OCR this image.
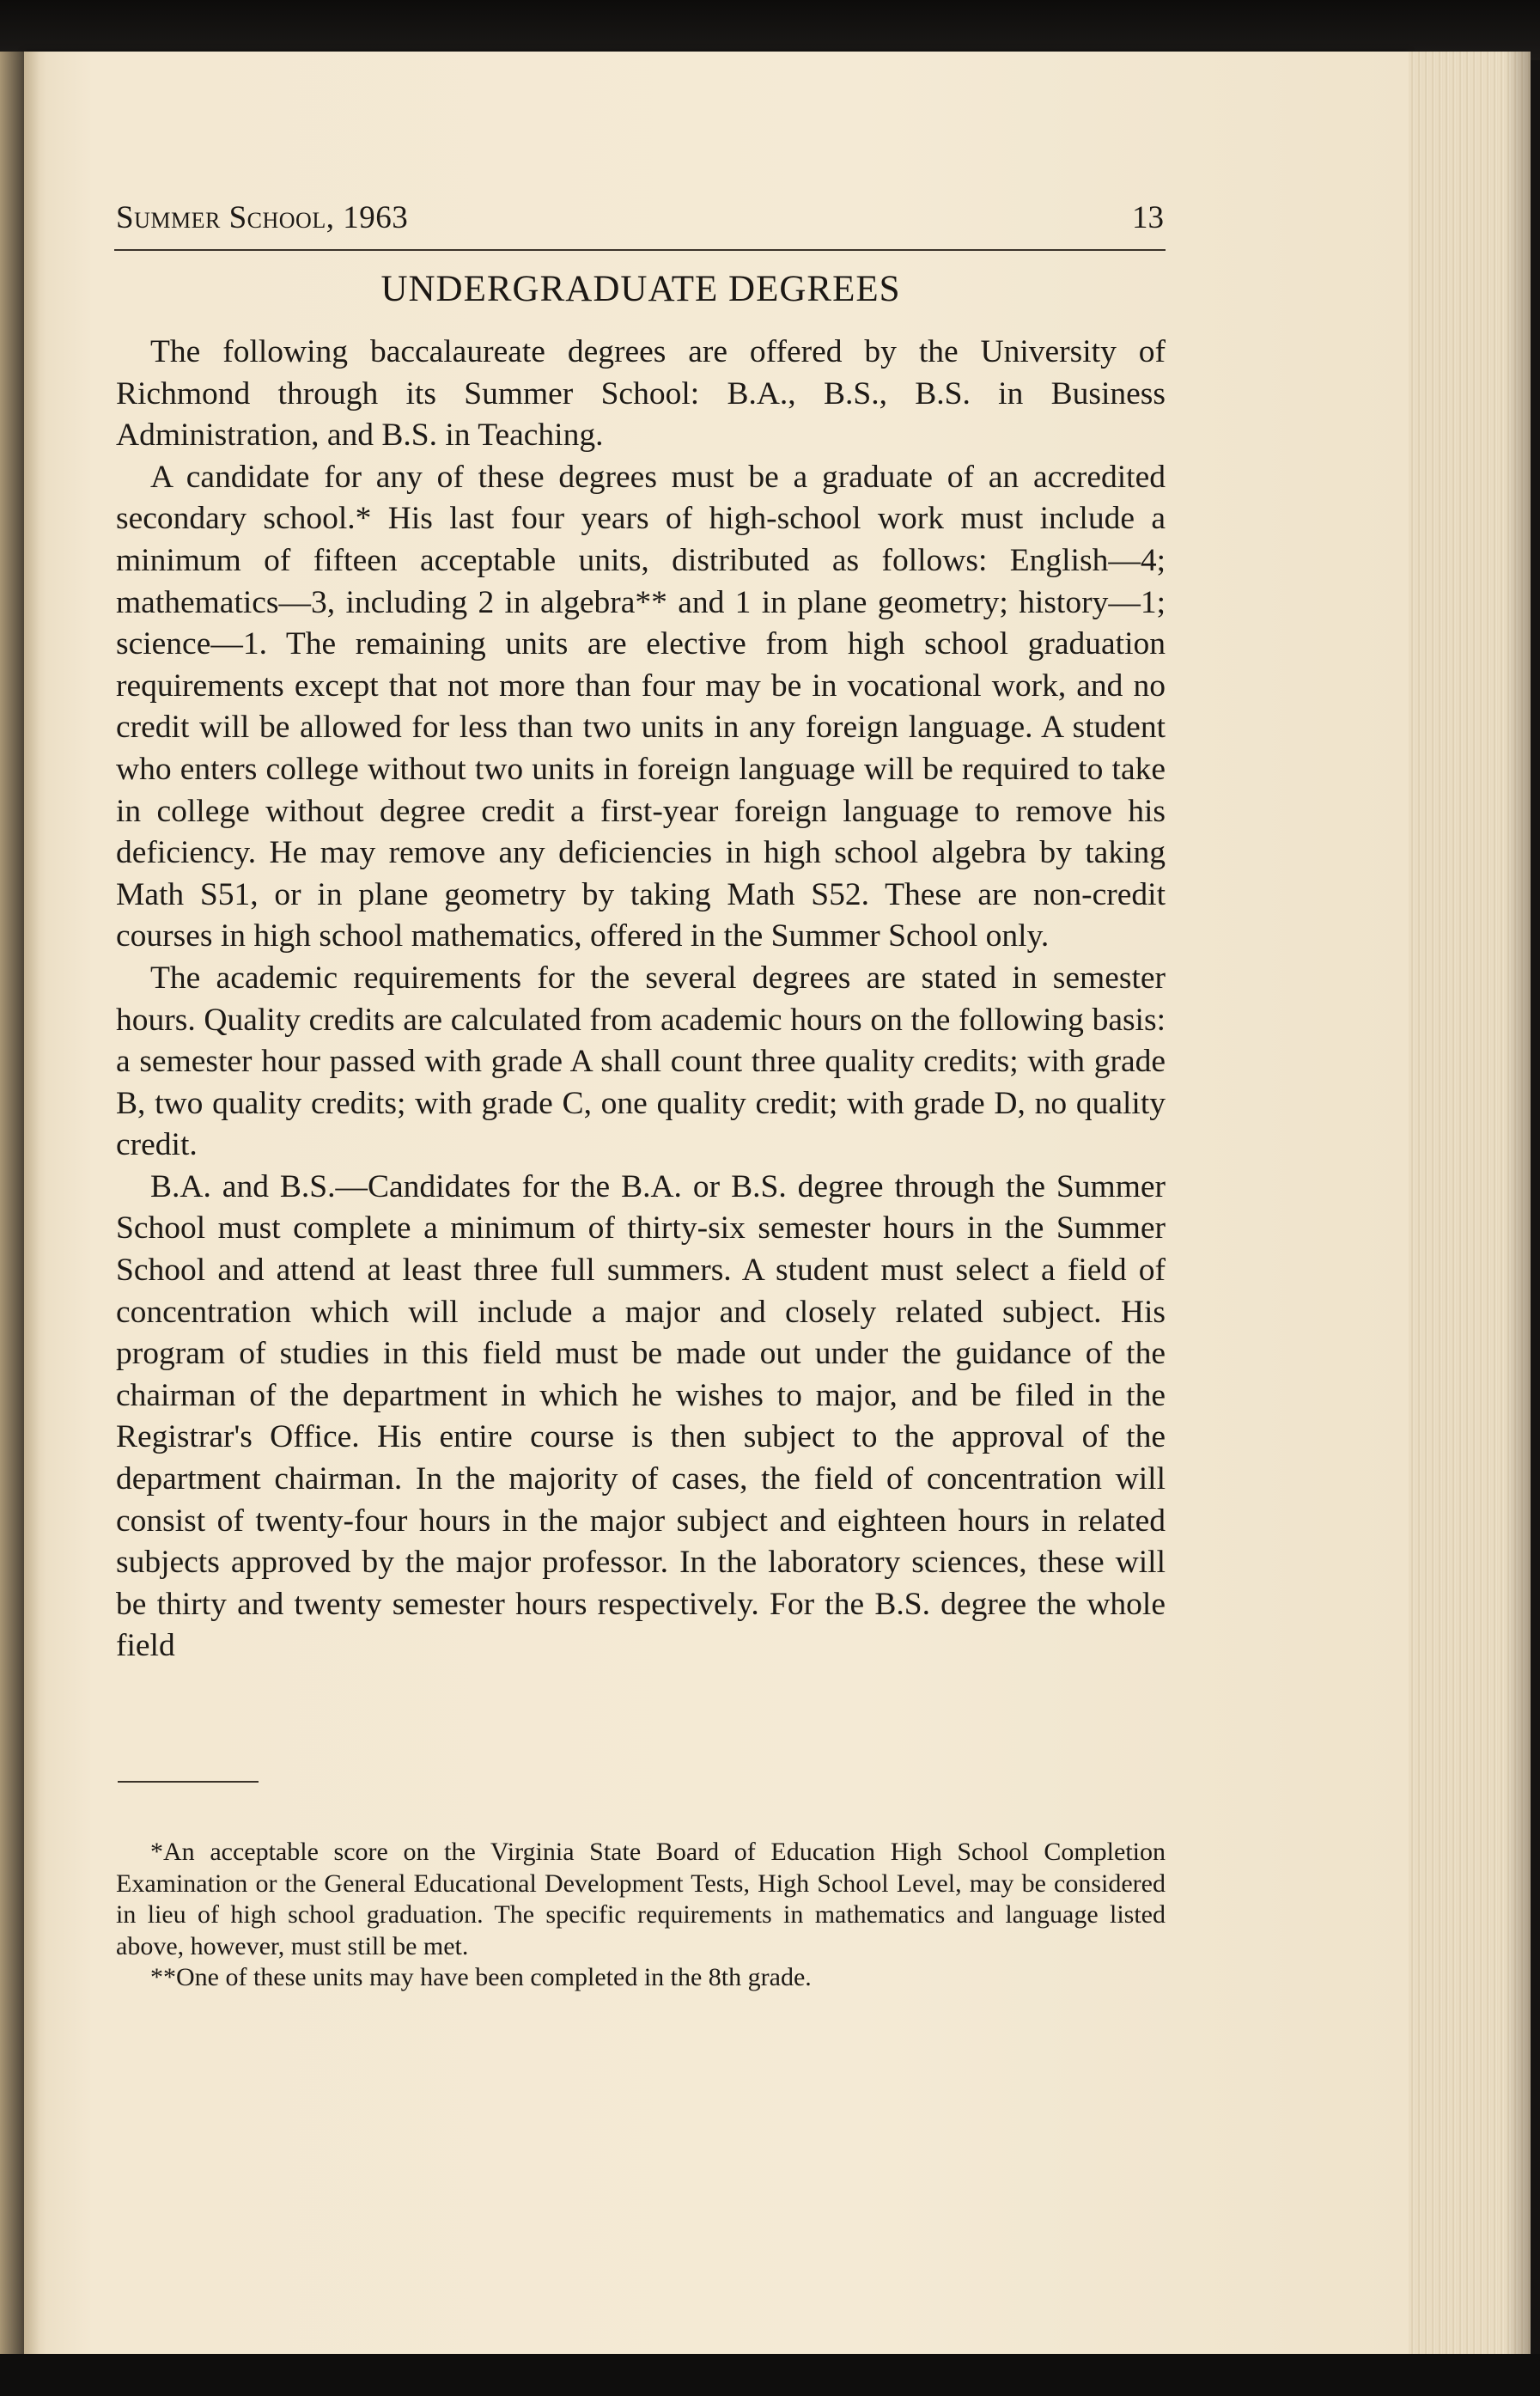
Summer School, 1963	13
UNDERGRADUATE DEGREES

The following baccalaureate degrees are offered by the University of Richmond through its Summer School: B.A., B.S., B.S. in Business Administration, and B.S. in Teaching.

A candidate for any of these degrees must be a graduate of an accredited secondary school.* His last four years of high-school work must include a minimum of fifteen acceptable units, distributed as follows: English—4; mathematics—3, including 2 in algebra** and 1 in plane geometry; history—1; science—1. The remaining units are elective from high school graduation requirements except that not more than four may be in vocational work, and no credit will be allowed for less than two units in any foreign language. A student who enters college without two units in foreign language will be required to take in college without degree credit a first-year foreign language to remove his deficiency. He may remove any deficiencies in high school algebra by taking Math S51, or in plane geometry by taking Math S52. These are non-credit courses in high school mathematics, offered in the Summer School only.

The academic requirements for the several degrees are stated in semester hours. Quality credits are calculated from academic hours on the following basis: a semester hour passed with grade A shall count three quality credits; with grade B, two quality credits; with grade C, one quality credit; with grade D, no quality credit.

B.A. and B.S.—Candidates for the B.A. or B.S. degree through the Summer School must complete a minimum of thirty-six semester hours in the Summer School and attend at least three full summers. A student must select a field of concentration which will include a major and closely related subject. His program of studies in this field must be made out under the guidance of the chairman of the department in which he wishes to major, and be filed in the Registrar's Office. His entire course is then subject to the approval of the department chairman. In the majority of cases, the field of concentration will consist of twenty-four hours in the major subject and eighteen hours in related subjects approved by the major professor. In the laboratory sciences, these will be thirty and twenty semester hours respectively. For the B.S. degree the whole field

*An acceptable score on the Virginia State Board of Education High School Completion Examination or the General Educational Development Tests, High School Level, may be considered in lieu of high school graduation. The specific requirements in mathematics and language listed above, however, must still be met.

**One of these units may have been completed in the 8th grade.
